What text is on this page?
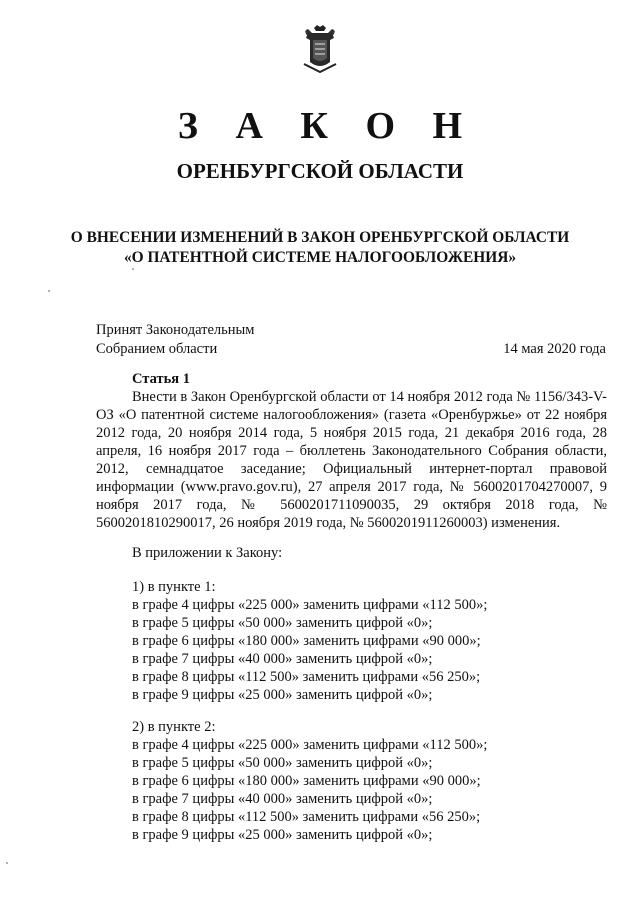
З А К О Н
ОРЕНБУРГСКОЙ ОБЛАСТИ
О ВНЕСЕНИИ ИЗМЕНЕНИЙ В ЗАКОН ОРЕНБУРГСКОЙ ОБЛАСТИ
«О ПАТЕНТНОЙ СИСТЕМЕ НАЛОГООБЛОЖЕНИЯ»
Принят Законодательным
Собранием области	14 мая 2020 года
Статья 1

Внести в Закон Оренбургской области от 14 ноября 2012 года № 1156/343-V-ОЗ «О патентной системе налогообложения» (газета «Оренбуржье» от 22 ноября 2012 года, 20 ноября 2014 года, 5 ноября 2015 года, 21 декабря 2016 года, 28 апреля, 16 ноября 2017 года – бюллетень Законодательного Собрания области, 2012, семнадцатое заседание; Официальный интернет-портал правовой информации (www.pravo.gov.ru), 27 апреля 2017 года, № 5600201704270007, 9 ноября 2017 года, № 5600201711090035, 29 октября 2018 года, № 5600201810290017, 26 ноября 2019 года, № 5600201911260003) изменения.

В приложении к Закону:
1) в пункте 1:
в графе 4 цифры «225 000» заменить цифрами «112 500»;
в графе 5 цифры «50 000» заменить цифрой «0»;
в графе 6 цифры «180 000» заменить цифрами «90 000»;
в графе 7 цифры «40 000» заменить цифрой «0»;
в графе 8 цифры «112 500» заменить цифрами «56 250»;
в графе 9 цифры «25 000» заменить цифрой «0»;
2) в пункте 2:
в графе 4 цифры «225 000» заменить цифрами «112 500»;
в графе 5 цифры «50 000» заменить цифрой «0»;
в графе 6 цифры «180 000» заменить цифрами «90 000»;
в графе 7 цифры «40 000» заменить цифрой «0»;
в графе 8 цифры «112 500» заменить цифрами «56 250»;
в графе 9 цифры «25 000» заменить цифрой «0»;
